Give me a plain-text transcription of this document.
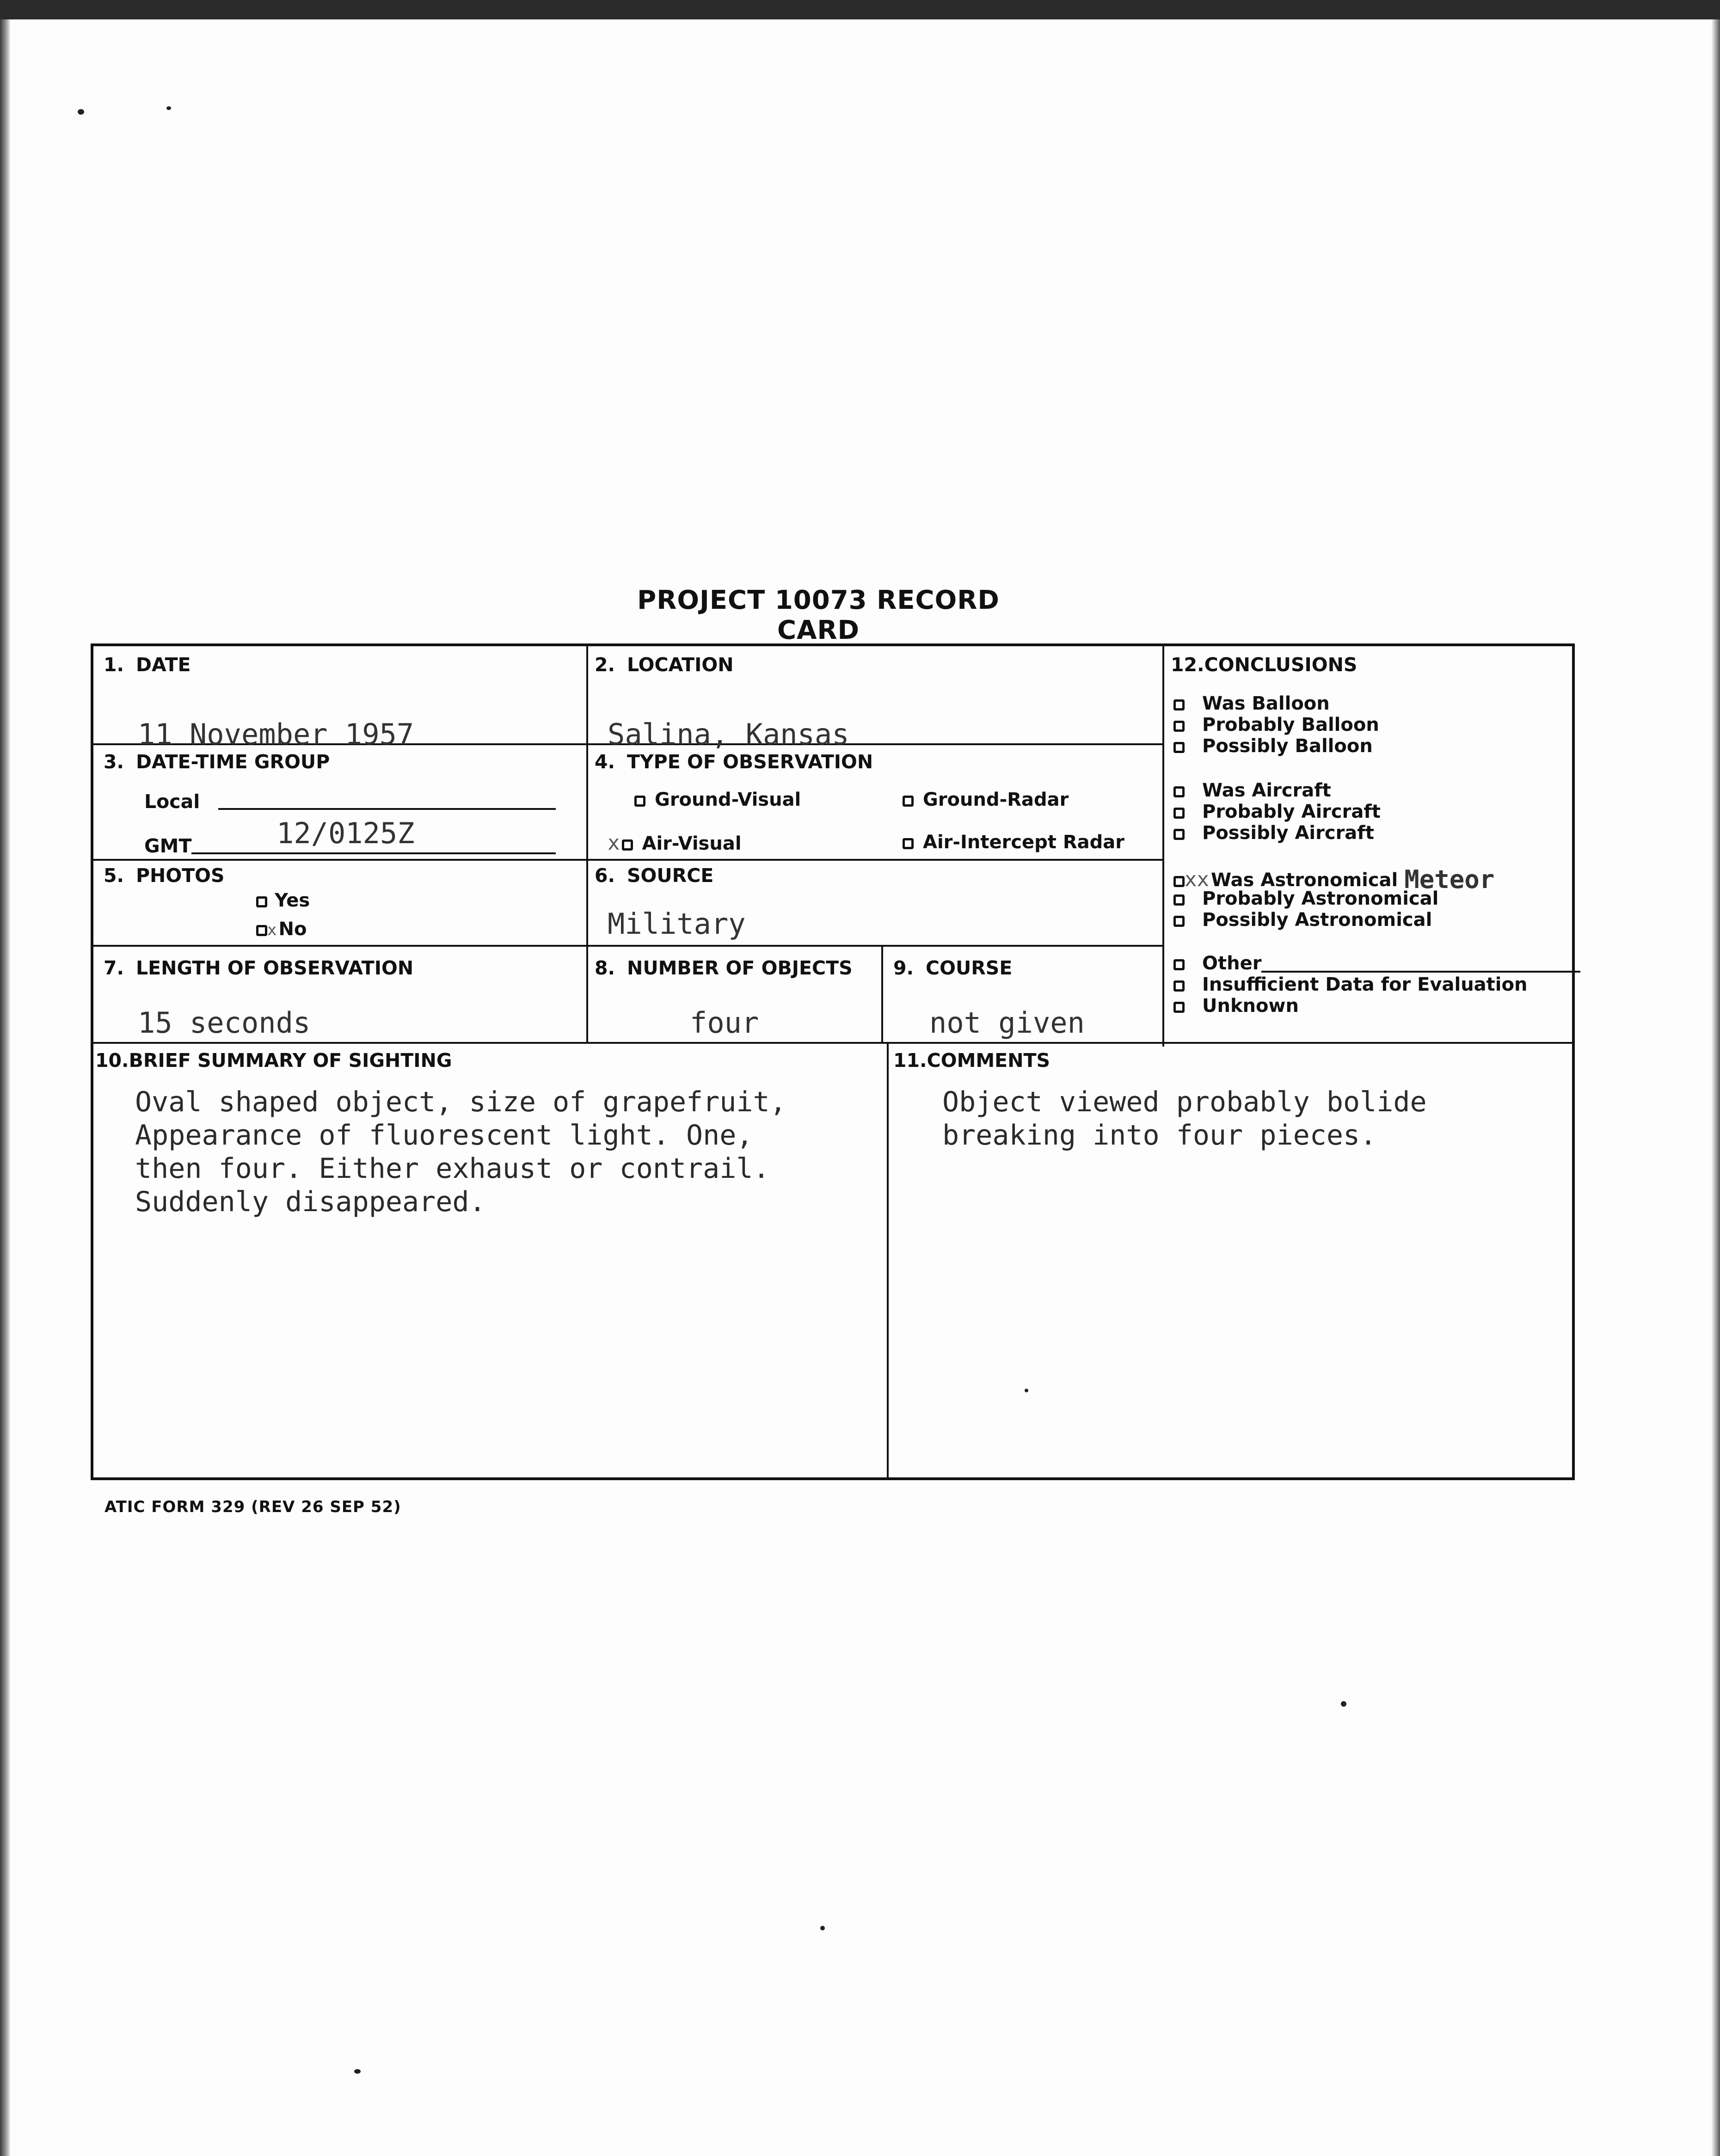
PROJECT 10073 RECORD CARD
1. DATE
11 November 1957
2. LOCATION
Salina, Kansas
3. DATE-TIME GROUP
Local
GMT	12/0125Z
4. TYPE OF OBSERVATION
Ground-Visual	Ground-Radar
x Air-Visual	Air-Intercept Radar
5. PHOTOS
Yes
x No
6. SOURCE
Military
7. LENGTH OF OBSERVATION
15 seconds
8. NUMBER OF OBJECTS
four
9. COURSE
not given
10.BRIEF SUMMARY OF SIGHTING
Oval shaped object, size of grapefruit,
Appearance of fluorescent light. One,
then four. Either exhaust or contrail.
Suddenly disappeared.
11.COMMENTS
Object viewed probably bolide
breaking into four pieces.
12.CONCLUSIONS
Was Balloon
Probably Balloon
Possibly Balloon
Was Aircraft
Probably Aircraft
Possibly Aircraft
xx Was Astronomical Meteor
Probably Astronomical
Possibly Astronomical
Other
Insufficient Data for Evaluation
Unknown
ATIC FORM 329 (REV 26 SEP 52)
